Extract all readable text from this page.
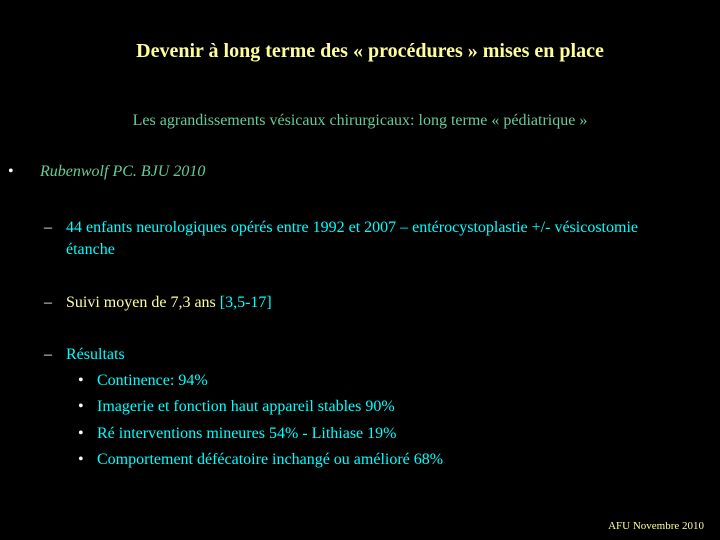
Devenir à long terme des « procédures » mises en place
Les agrandissements vésicaux chirurgicaux: long terme « pédiatrique »
• Rubenwolf PC. BJU 2010
– 44 enfants neurologiques opérés entre 1992 et 2007 – entérocystoplastie +/- vésicostomie étanche
– Suivi moyen de 7,3 ans [3,5-17]
– Résultats
• Continence: 94%
• Imagerie et fonction haut appareil stables 90%
• Ré interventions mineures 54% - Lithiase 19%
• Comportement défécatoire inchangé ou amélioré 68%
AFU Novembre 2010
